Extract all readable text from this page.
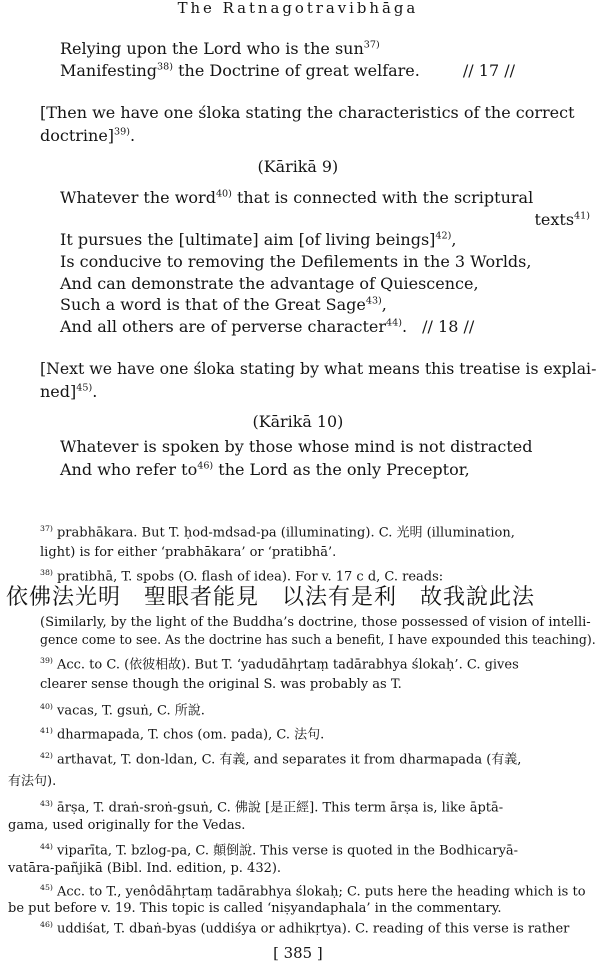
The Ratnagotravibhāga
Relying upon the Lord who is the sun$^{37)}$
Manifesting$^{38)}$ the Doctrine of great welfare.	// 17 //
[Then we have one śloka stating the characteristics of the correct
doctrine]$^{39)}$.
(Kārikā 9)
Whatever the word$^{40)}$ that is connected with the scriptural
texts$^{41)}$
It pursues the [ultimate] aim [of living beings]$^{42)}$,
Is conducive to removing the Defilements in the 3 Worlds,
And can demonstrate the advantage of Quiescence,
Such a word is that of the Great Sage$^{43)}$,
And all others are of perverse character$^{44)}$. // 18 //
[Next we have one śloka stating by what means this treatise is explai-
ned]$^{45)}$.
(Kārikā 10)
Whatever is spoken by those whose mind is not distracted
And who refer $to^{46)}$ the Lord as the only Preceptor,
$^{37)}$ prabhākara. But T. ḥod-mdsad-pa (illuminating). C. 光明 (illumination,
light) is for either ‘prabhākara’ or ‘pratibhā’.
$^{38)}$ pratibhā, T. spobs (O. flash of idea). For v. 17 c d, C. reads:
依佛法光明　聖眼者能見　以法有是利　故我說此法
(Similarly, by the light of the Buddha’s doctrine, those possessed of vision of intelli-
gence come to see. As the doctrine has such a benefit, I have expounded this teaching).
$^{39)}$ Acc. to C. (依彼相故). But T. ‘yadudāhṛtaṃ tadārabhya ślokaḥ’. C. gives
clearer sense though the original S. was probably as T.
$^{40)}$ vacas, T. gsuṅ, C. 所說.
$^{41)}$ dharmapada, T. chos (om. pada), C. 法句.
$^{42)}$ arthavat, T. don-ldan, C. 有義, and separates it from dharmapada (有義,
有法句).
$^{43)}$ ārṣa, T. draṅ-sroṅ-gsuṅ, C. 佛說 [是正經]. This term ārṣa is, like āptā-
gama, used originally for the Vedas.
$^{44)}$ viparīta, T. bzlog-pa, C. 顛倒說. This verse is quoted in the Bodhicaryā-
vatāra-pañjikā (Bibl. Ind. edition, p. 432).
$^{45)}$ Acc. to T., yenôdāhṛtaṃ tadārabhya ślokaḥ; C. puts here the heading which is to
be put before v. 19. This topic is called ‘niṣyandaphala’ in the commentary.
$^{46)}$ uddiśat, T. dbaṅ-byas (uddiśya or adhikṛtya). C. reading of this verse is rather
[ 385 ]
